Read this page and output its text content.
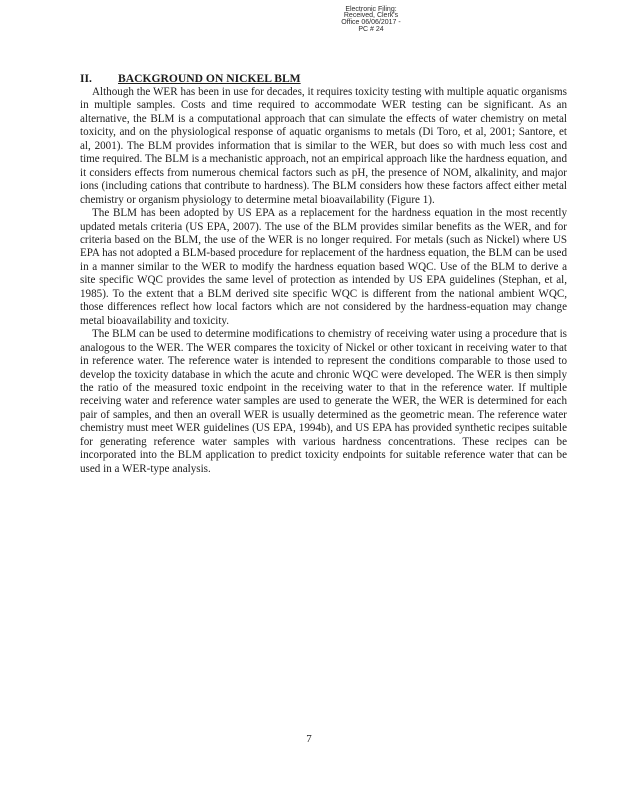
Electronic Filing:
Received, Clerk's Office 06/06/2017 - PC # 24
II. BACKGROUND ON NICKEL BLM

Although the WER has been in use for decades, it requires toxicity testing with multiple aquatic organisms in multiple samples. Costs and time required to accommodate WER testing can be significant. As an alternative, the BLM is a computational approach that can simulate the effects of water chemistry on metal toxicity, and on the physiological response of aquatic organisms to metals (Di Toro, et al, 2001; Santore, et al, 2001). The BLM provides information that is similar to the WER, but does so with much less cost and time required. The BLM is a mechanistic approach, not an empirical approach like the hardness equation, and it considers effects from numerous chemical factors such as pH, the presence of NOM, alkalinity, and major ions (including cations that contribute to hardness). The BLM considers how these factors affect either metal chemistry or organism physiology to determine metal bioavailability (Figure 1).

The BLM has been adopted by US EPA as a replacement for the hardness equation in the most recently updated metals criteria (US EPA, 2007). The use of the BLM provides similar benefits as the WER, and for criteria based on the BLM, the use of the WER is no longer required. For metals (such as Nickel) where US EPA has not adopted a BLM-based procedure for replacement of the hardness equation, the BLM can be used in a manner similar to the WER to modify the hardness equation based WQC. Use of the BLM to derive a site specific WQC provides the same level of protection as intended by US EPA guidelines (Stephan, et al, 1985). To the extent that a BLM derived site specific WQC is different from the national ambient WQC, those differences reflect how local factors which are not considered by the hardness-equation may change metal bioavailability and toxicity.

The BLM can be used to determine modifications to chemistry of receiving water using a procedure that is analogous to the WER. The WER compares the toxicity of Nickel or other toxicant in receiving water to that in reference water. The reference water is intended to represent the conditions comparable to those used to develop the toxicity database in which the acute and chronic WQC were developed. The WER is then simply the ratio of the measured toxic endpoint in the receiving water to that in the reference water. If multiple receiving water and reference water samples are used to generate the WER, the WER is determined for each pair of samples, and then an overall WER is usually determined as the geometric mean. The reference water chemistry must meet WER guidelines (US EPA, 1994b), and US EPA has provided synthetic recipes suitable for generating reference water samples with various hardness concentrations. These recipes can be incorporated into the BLM application to predict toxicity endpoints for suitable reference water that can be used in a WER-type analysis.

7
